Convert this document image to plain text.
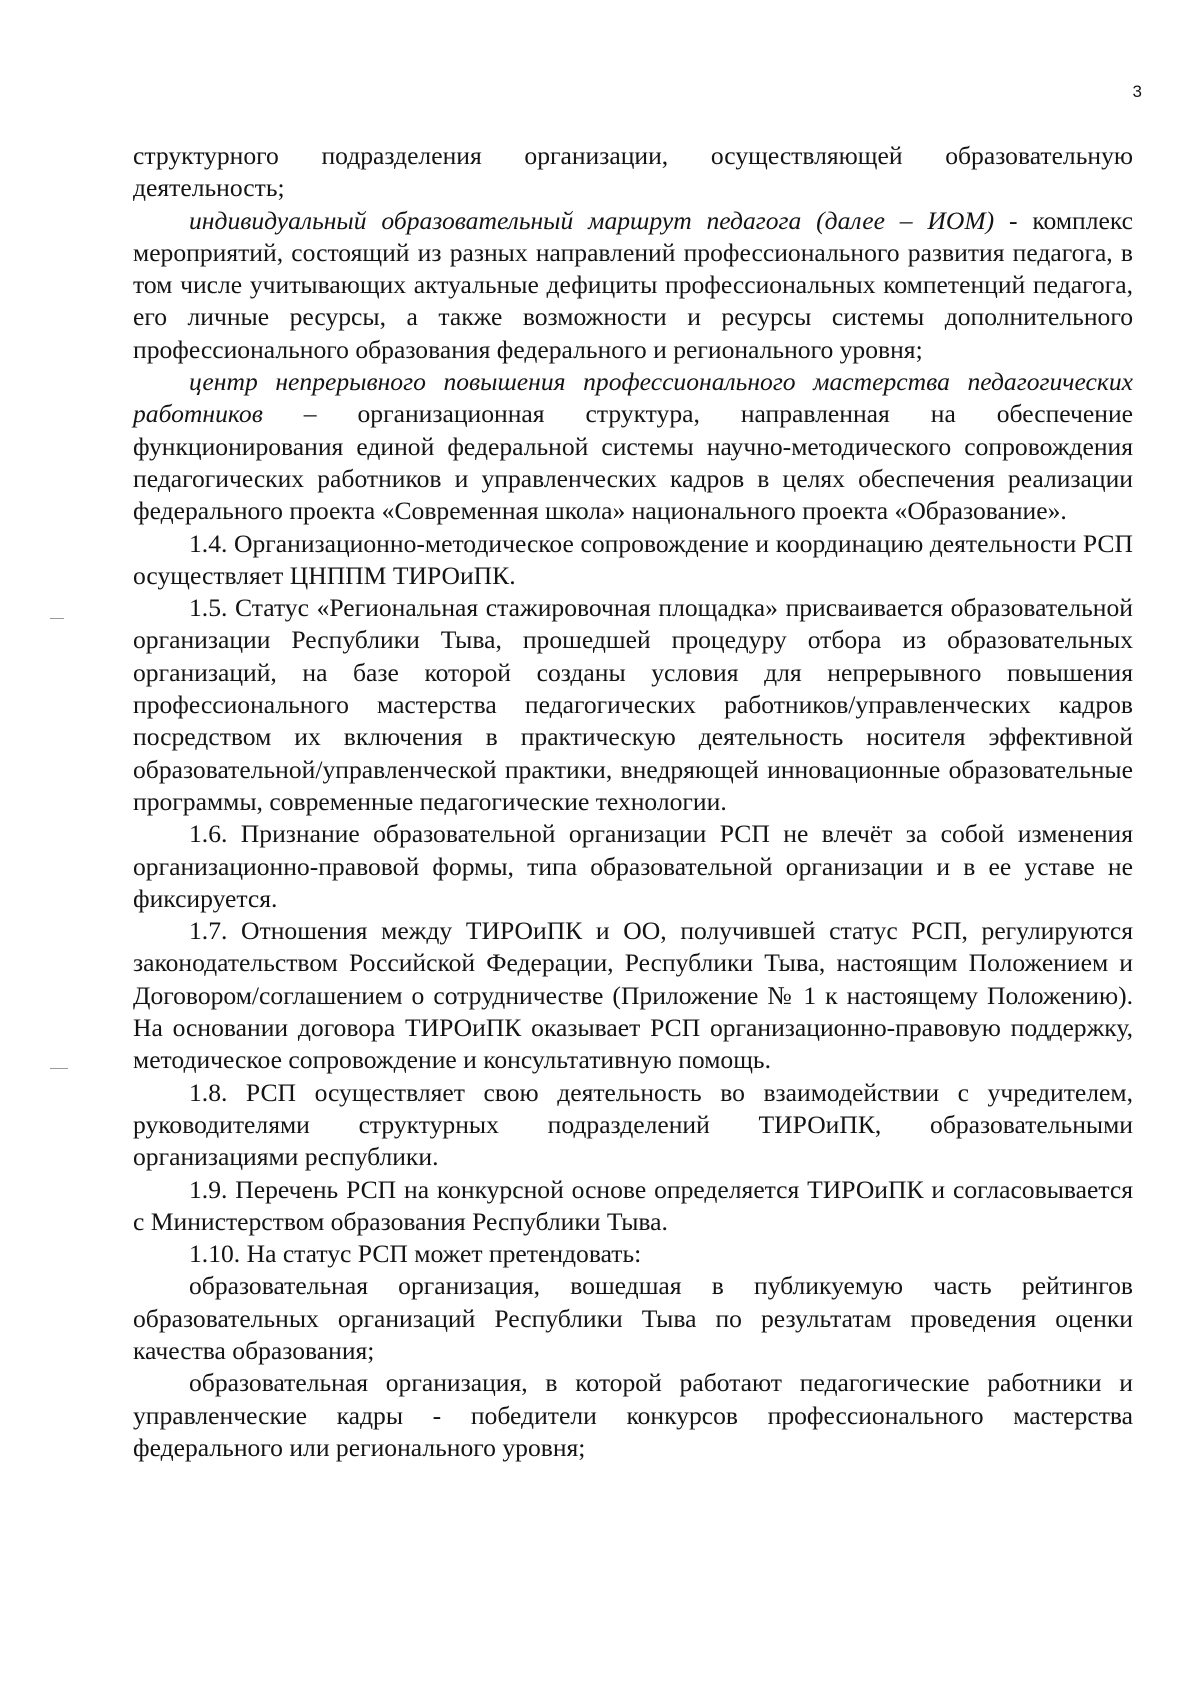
3

структурного подразделения организации, осуществляющей образовательную деятельность;

индивидуальный образовательный маршрут педагога (далее – ИОМ) - комплекс мероприятий, состоящий из разных направлений профессионального развития педагога, в том числе учитывающих актуальные дефициты профессиональных компетенций педагога, его личные ресурсы, а также возможности и ресурсы системы дополнительного профессионального образования федерального и регионального уровня;

центр непрерывного повышения профессионального мастерства педагогических работников – организационная структура, направленная на обеспечение функционирования единой федеральной системы научно-методического сопровождения педагогических работников и управленческих кадров в целях обеспечения реализации федерального проекта «Современная школа» национального проекта «Образование».

1.4. Организационно-методическое сопровождение и координацию деятельности РСП осуществляет ЦНППМ ТИРОиПК.

1.5. Статус «Региональная стажировочная площадка» присваивается образовательной организации Республики Тыва, прошедшей процедуру отбора из образовательных организаций, на базе которой созданы условия для непрерывного повышения профессионального мастерства педагогических работников/управленческих кадров посредством их включения в практическую деятельность носителя эффективной образовательной/управленческой практики, внедряющей инновационные образовательные программы, современные педагогические технологии.

1.6. Признание образовательной организации РСП не влечёт за собой изменения организационно-правовой формы, типа образовательной организации и в ее уставе не фиксируется.

1.7. Отношения между ТИРОиПК и ОО, получившей статус РСП, регулируются законодательством Российской Федерации, Республики Тыва, настоящим Положением и Договором/соглашением о сотрудничестве (Приложение № 1 к настоящему Положению). На основании договора ТИРОиПК оказывает РСП организационно-правовую поддержку, методическое сопровождение и консультативную помощь.

1.8. РСП осуществляет свою деятельность во взаимодействии с учредителем, руководителями структурных подразделений ТИРОиПК, образовательными организациями республики.

1.9. Перечень РСП на конкурсной основе определяется ТИРОиПК и согласовывается с Министерством образования Республики Тыва.

1.10. На статус РСП может претендовать:

образовательная организация, вошедшая в публикуемую часть рейтингов образовательных организаций Республики Тыва по результатам проведения оценки качества образования;

образовательная организация, в которой работают педагогические работники и управленческие кадры - победители конкурсов профессионального мастерства федерального или регионального уровня;
